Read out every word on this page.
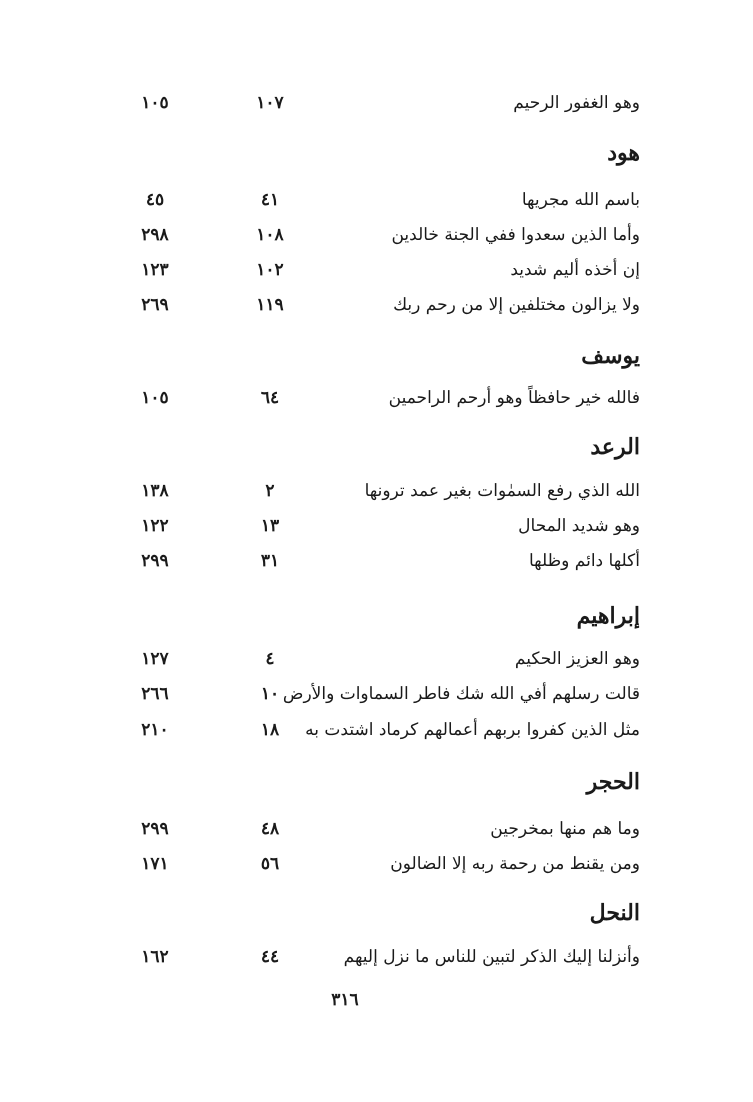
وهو الغفور الرحيم
١٠٧
١٠٥
هود
باسم الله مجريها
٤١
٤٥
وأما الذين سعدوا ففي الجنة خالدين
١٠٨
٢٩٨
إن أخذه أليم شديد
١٠٢
١٢٣
ولا يزالون مختلفين إلا من رحم ربك
١١٩
٢٦٩
يوسف
فالله خير حافظاً وهو أرحم الراحمين
٦٤
١٠٥
الرعد
الله الذي رفع السمٰوات بغير عمد ترونها
٢
١٣٨
وهو شديد المحال
١٣
١٢٢
أكلها دائم وظلها
٣١
٢٩٩
إبراهيم
وهو العزيز الحكيم
٤
١٢٧
قالت رسلهم أفي الله شك فاطر السماوات والأرض
١٠
٢٦٦
مثل الذين كفروا بربهم أعمالهم كرماد اشتدت به
١٨
٢١٠
الحجر
وما هم منها بمخرجين
٤٨
٢٩٩
ومن يقنط من رحمة ربه إلا الضالون
٥٦
١٧١
النحل
وأنزلنا إليك الذكر لتبين للناس ما نزل إليهم
٤٤
١٦٢
٣١٦
